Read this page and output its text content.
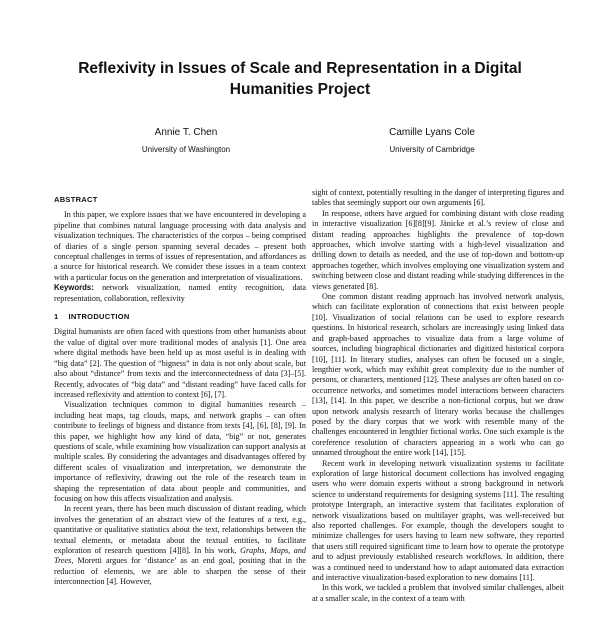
Reflexivity in Issues of Scale and Representation in a Digital
Humanities Project
Annie T. Chen
University of Washington
Camille Lyans Cole
University of Cambridge
ABSTRACT

In this paper, we explore issues that we have encountered in developing a pipeline that combines natural language processing with data analysis and visualization techniques. The characteristics of the corpus – being comprised of diaries of a single person spanning several decades – present both conceptual challenges in terms of issues of representation, and affordances as a source for historical research. We consider these issues in a team context with a particular focus on the generation and interpretation of visualizations.

Keywords: network visualization, named entity recognition, data representation, collaboration, reflexivity

1 INTRODUCTION

Digital humanists are often faced with questions from other humanists about the value of digital over more traditional modes of analysis [1]. One area where digital methods have been held up as most useful is in dealing with “big data” [2]. The question of “bigness” in data is not only about scale, but also about “distance” from texts and the interconnectedness of data [3]–[5]. Recently, advocates of “big data” and “distant reading” have faced calls for increased reflexivity and attention to context [6], [7].

Visualization techniques common to digital humanities research – including heat maps, tag clouds, maps, and network graphs – can often contribute to feelings of bigness and distance from texts [4], [6], [8], [9]. In this paper, we highlight how any kind of data, “big” or not, generates questions of scale, while examining how visualization can support analysis at multiple scales. By considering the advantages and disadvantages offered by different scales of visualization and interpretation, we demonstrate the importance of reflexivity, drawing out the role of the research team in shaping the representation of data about people and communities, and focusing on how this affects visualization and analysis.

In recent years, there has been much discussion of distant reading, which involves the generation of an abstract view of the features of a text, e.g., quantitative or qualitative statistics about the text, relationships between the textual elements, or metadata about the textual entities, to facilitate exploration of research questions [4][8]. In his work, Graphs, Maps, and Trees, Moretti argues for ‘distance’ as an end goal, positing that in the reduction of elements, we are able to sharpen the sense of their interconnection [4]. However,

sight of context, potentially resulting in the danger of interpreting figures and tables that seemingly support our own arguments [6].

In response, others have argued for combining distant with close reading in interactive visualization [6][8][9]. Jänicke et al.’s review of close and distant reading approaches highlights the prevalence of top-down approaches, which involve starting with a high-level visualization and drilling down to details as needed, and the use of top-down and bottom-up approaches together, which involves employing one visualization system and switching between close and distant reading while studying differences in the views generated [8].

One common distant reading approach has involved network analysis, which can facilitate exploration of connections that exist between people [10]. Visualization of social relations can be used to explore research questions. In historical research, scholars are increasingly using linked data and graph-based approaches to visualize data from a large volume of sources, including biographical dictionaries and digitized historical corpora [10], [11]. In literary studies, analyses can often be focused on a single, lengthier work, which may exhibit great complexity due to the number of persons, or characters, mentioned [12]. These analyses are often based on co-occurrence networks, and sometimes model interactions between characters [13], [14]. In this paper, we describe a non-fictional corpus, but we draw upon network analysis research of literary works because the challenges posed by the diary corpus that we work with resemble many of the challenges encountered in lengthier fictional works. One such example is the coreference resolution of characters appearing in a work who can go unnamed throughout the entire work [14], [15].

Recent work in developing network visualization systems to facilitate exploration of large historical document collections has involved engaging users who were domain experts without a strong background in network science to understand requirements for designing systems [11]. The resulting prototype Intergraph, an interactive system that facilitates exploration of network visualizations based on multilayer graphs, was well-received but also reported challenges. For example, though the developers sought to minimize challenges for users having to learn new software, they reported that users still required significant time to learn how to operate the prototype and to adjust previously established research workflows. In addition, there was a continued need to understand how to adapt automated data extraction and interactive visualization-based exploration to new domains [11].

In this work, we tackled a problem that involved similar challenges, albeit at a smaller scale, in the context of a team with
